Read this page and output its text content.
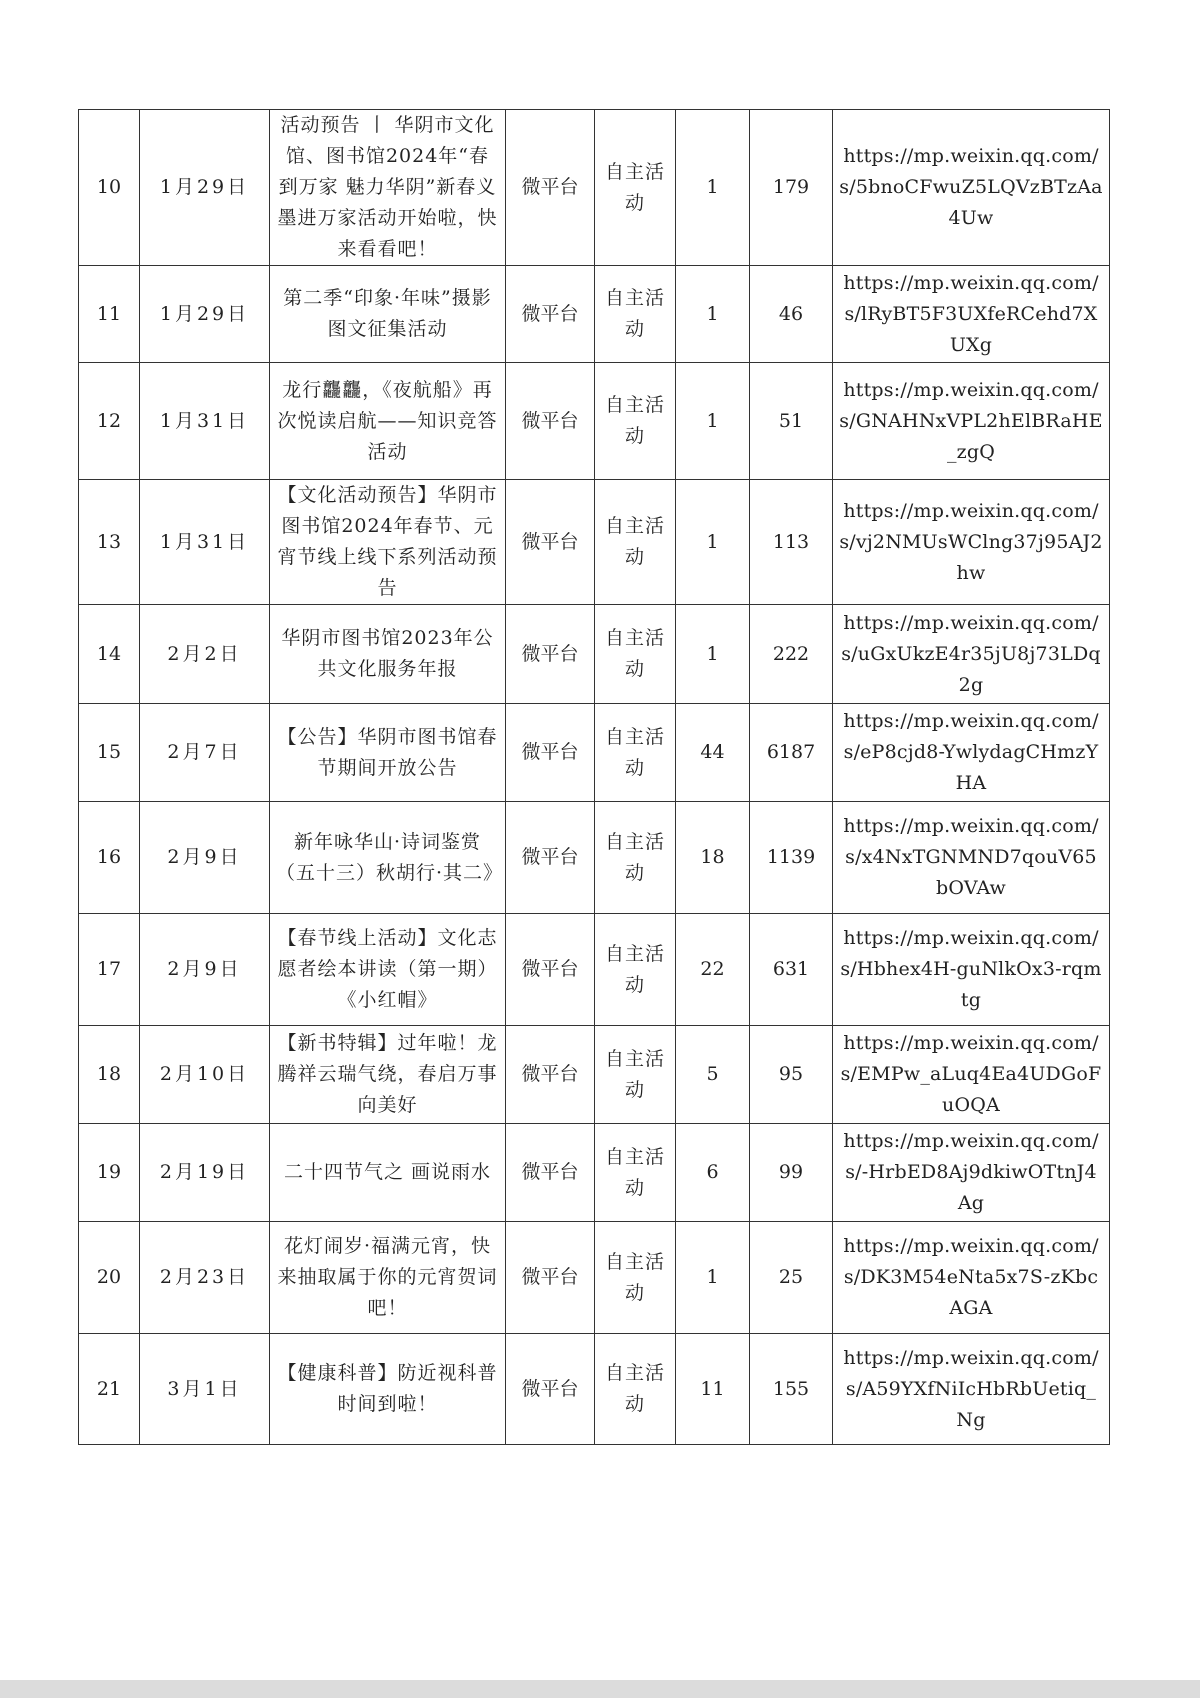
10	1月29日	活动预告 丨 华阴市文化馆、图书馆2024年“春到万家 魅力华阴”新春义墨进万家活动开始啦，快来看看吧！	微平台	自主活动	1	179	https://mp.weixin.qq.com/s/5bnoCFwuZ5LQVzBTzAa4Uw
11	1月29日	第二季“印象·年味”摄影图文征集活动	微平台	自主活动	1	46	https://mp.weixin.qq.com/s/lRyBT5F3UXfeRCehd7XUXg
12	1月31日	龙行龘龘，《夜航船》再次悦读启航——知识竞答活动	微平台	自主活动	1	51	https://mp.weixin.qq.com/s/GNAHNxVPL2hElBRaHE_zgQ
13	1月31日	【文化活动预告】华阴市图书馆2024年春节、元宵节线上线下系列活动预告	微平台	自主活动	1	113	https://mp.weixin.qq.com/s/vj2NMUsWClng37j95AJ2hw
14	2月2日	华阴市图书馆2023年公共文化服务年报	微平台	自主活动	1	222	https://mp.weixin.qq.com/s/uGxUkzE4r35jU8j73LDq2g
15	2月7日	【公告】华阴市图书馆春节期间开放公告	微平台	自主活动	44	6187	https://mp.weixin.qq.com/s/eP8cjd8-YwlydagCHmzYHA
16	2月9日	新年咏华山·诗词鉴赏（五十三）秋胡行·其二》	微平台	自主活动	18	1139	https://mp.weixin.qq.com/s/x4NxTGNMND7qouV65bOVAw
17	2月9日	【春节线上活动】文化志愿者绘本讲读（第一期）《小红帽》	微平台	自主活动	22	631	https://mp.weixin.qq.com/s/Hbhex4H-guNlkOx3-rqmtg
18	2月10日	【新书特辑】过年啦！龙腾祥云瑞气绕，春启万事向美好	微平台	自主活动	5	95	https://mp.weixin.qq.com/s/EMPw_aLuq4Ea4UDGoFuOQA
19	2月19日	二十四节气之 画说雨水	微平台	自主活动	6	99	https://mp.weixin.qq.com/s/-HrbED8Aj9dkiwOTtnJ4Ag
20	2月23日	花灯闹岁·福满元宵，快来抽取属于你的元宵贺词吧！	微平台	自主活动	1	25	https://mp.weixin.qq.com/s/DK3M54eNta5x7S-zKbcAGA
21	3月1日	【健康科普】防近视科普时间到啦！	微平台	自主活动	11	155	https://mp.weixin.qq.com/s/A59YXfNiIcHbRbUetiq_Ng
